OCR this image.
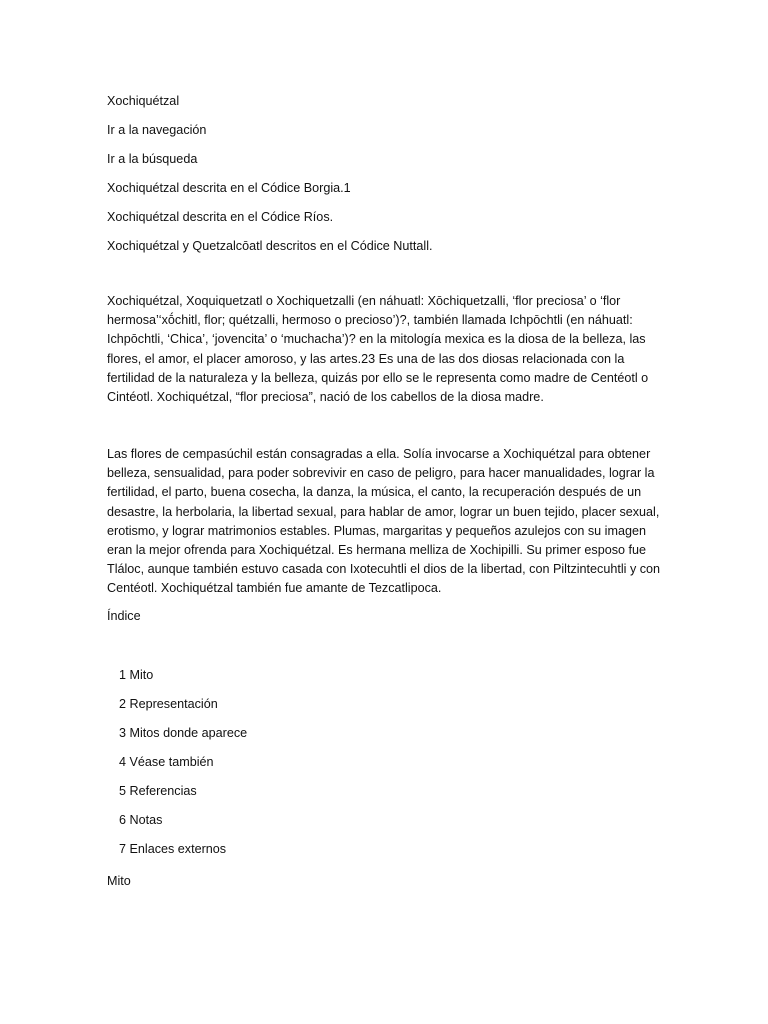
Xochiquétzal
Ir a la navegación
Ir a la búsqueda
Xochiquétzal descrita en el Códice Borgia.1
Xochiquétzal descrita en el Códice Ríos.
Xochiquétzal y Quetzalcōatl descritos en el Códice Nuttall.
Xochiquétzal, Xoquiquetzatl o Xochiquetzalli (en náhuatl: Xōchiquetzalli, ‘flor preciosa’ o ‘flor hermosa’‘xṓchitl, flor; quétzalli, hermoso o precioso’)?, también llamada Ichpōchtli (en náhuatl: Ichpōchtli, ‘Chica’, ‘jovencita’ o ‘muchacha’)? en la mitología mexica es la diosa de la belleza, las flores, el amor, el placer amoroso, y las artes.23 Es una de las dos diosas relacionada con la fertilidad de la naturaleza y la belleza, quizás por ello se le representa como madre de Centéotl o Cintéotl. Xochiquétzal, “flor preciosa”, nació de los cabellos de la diosa madre.
Las flores de cempasúchil están consagradas a ella. Solía invocarse a Xochiquétzal para obtener belleza, sensualidad, para poder sobrevivir en caso de peligro, para hacer manualidades, lograr la fertilidad, el parto, buena cosecha, la danza, la música, el canto, la recuperación después de un desastre, la herbolaria, la libertad sexual, para hablar de amor, lograr un buen tejido, placer sexual, erotismo, y lograr matrimonios estables. Plumas, margaritas y pequeños azulejos con su imagen eran la mejor ofrenda para Xochiquétzal. Es hermana melliza de Xochipilli. Su primer esposo fue Tláloc, aunque también estuvo casada con Ixotecuhtli el dios de la libertad, con Piltzintecuhtli y con Centéotl. Xochiquétzal también fue amante de Tezcatlipoca.
Índice
1 Mito
2 Representación
3 Mitos donde aparece
4 Véase también
5 Referencias
6 Notas
7 Enlaces externos
Mito
